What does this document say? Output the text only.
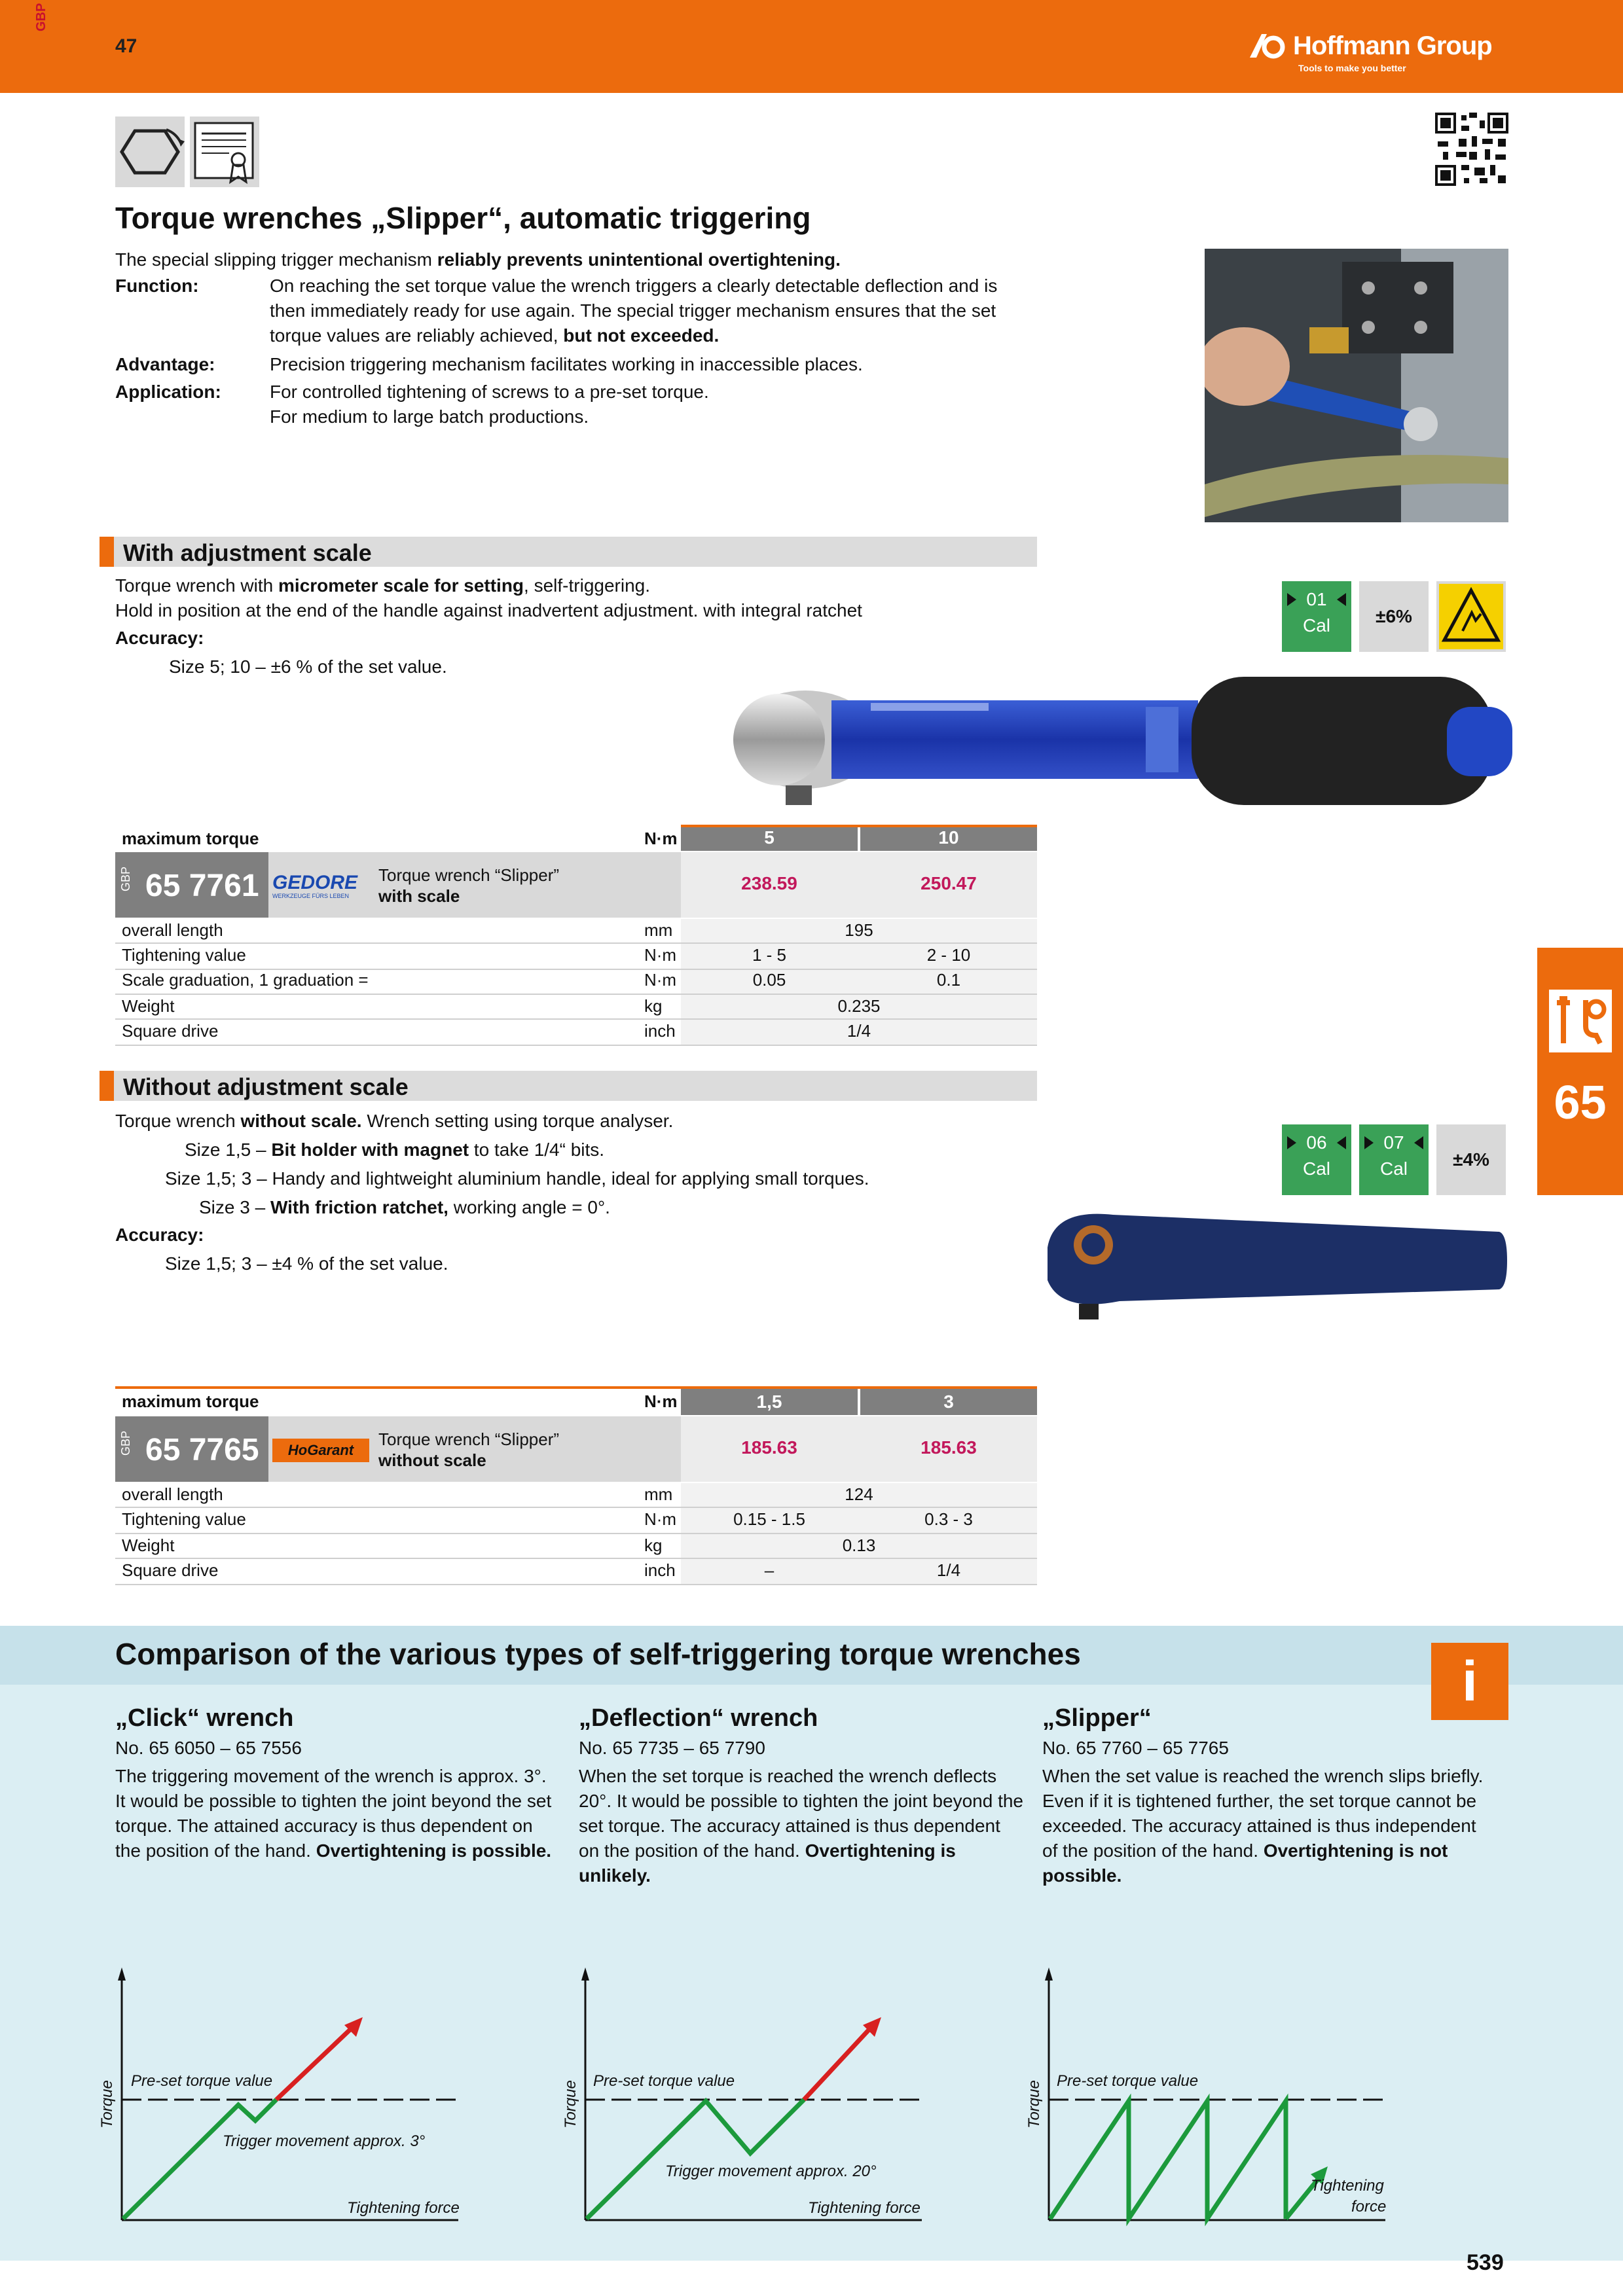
GBP
47	Hoffmann Group
Tools to make you better
Torque wrenches „Slipper“, automatic triggering
The special slipping trigger mechanism reliably prevents unintentional overtightening.
Function:	On reaching the set torque value the wrench triggers a clearly detectable deflection and is
then immediately ready for use again. The special trigger mechanism ensures that the set
torque values are reliably achieved, but not exceeded.
Advantage:	Precision triggering mechanism facilitates working in inaccessible places.
Application:	For controlled tightening of screws to a pre-set torque.
For medium to large batch productions.
With adjustment scale
Torque wrench with micrometer scale for setting, self-triggering.
Hold in position at the end of the handle against inadvertent adjustment. with integral ratchet
Accuracy:
Size 5; 10 – ±6 % of the set value.
01
Cal	±6%
maximum torque	N·m	5	10
GBP 65 7761 GEDORE
WERKZEUGE FÜRS LEBEN
Torque wrench “Slipper”
with scale
238.59	250.47
overall length	mm	195
Tightening value	N·m	1 - 5	2 - 10
Scale graduation, 1 graduation =	N·m	0.05	0.1
Weight	kg	0.235
Square drive	inch	1/4
65
Without adjustment scale
Torque wrench without scale. Wrench setting using torque analyser.
Size 1,5 – Bit holder with magnet to take 1/4“ bits.
Size 1,5; 3 – Handy and lightweight aluminium handle, ideal for applying small torques.
Size 3 – With friction ratchet, working angle = 0°.
Accuracy:
Size 1,5; 3 – ±4 % of the set value.
06
Cal
07
Cal	±4%
maximum torque	N·m	1,5	3
GBP 65 7765	HoGarant
Torque wrench “Slipper”
without scale
185.63	185.63
overall length	mm	124
Tightening value	N·m	0.15 - 1.5	0.3 - 3
Weight	kg	0.13
Square drive	inch	–	1/4
Comparison of the various types of self-triggering torque wrenches	i
„Click“ wrench
No. 65 6050 – 65 7556
The triggering movement of the wrench is approx. 3°. It would be possible to tighten the joint beyond the set torque. The attained accuracy is thus dependent on the position of the hand. Overtightening is possible.
„Deflection“ wrench
No. 65 7735 – 65 7790
When the set torque is reached the wrench deflects 20°. It would be possible to tighten the joint beyond the set torque. The accuracy attained is thus dependent on the position of the hand. Overtightening is unlikely.
„Slipper“
No. 65 7760 – 65 7765
When the set value is reached the wrench slips briefly. Even if it is tightened further, the set torque cannot be exceeded. The accuracy attained is thus independent of the position of the hand. Overtightening is not possible.
Pre-set torque value
Trigger movement approx. 3°
Tightening force
Torque	Pre-set torque value
Trigger movement approx. 20°
Tightening force
Torque	Pre-set torque value
Tightening
force
Torque
539
